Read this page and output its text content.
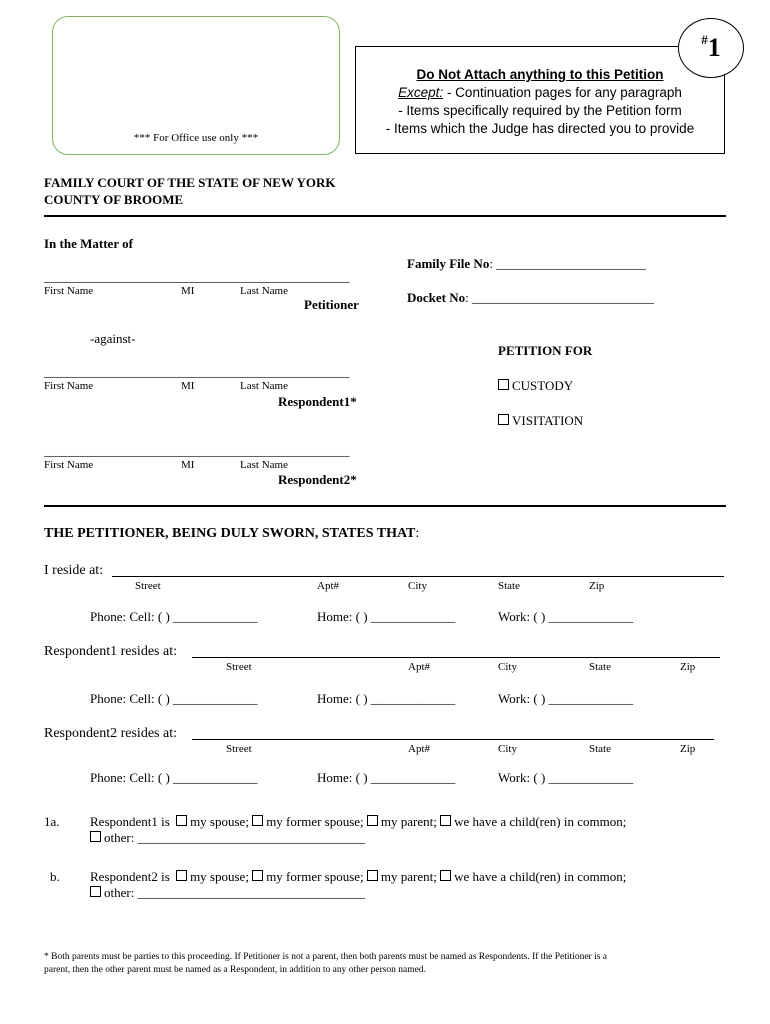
*** For Office use only ***
Do Not Attach anything to this Petition
Except: - Continuation pages for any paragraph
- Items specifically required by the Petition form
- Items which the Judge has directed you to provide
# 1
FAMILY COURT OF THE STATE OF NEW YORK
COUNTY OF BROOME
In the Matter of
_______________________________________________
First Name	MI	Last Name
Petitioner
-against-
_______________________________________________
First Name	MI	Last Name
Respondent1*
_______________________________________________
First Name	MI	Last Name
Respondent2*
Family File No: _______________________
Docket No: ____________________________
PETITION FOR
CUSTODY
VISITATION
THE PETITIONER, BEING DULY SWORN, STATES THAT:
I reside at:
Street	Apt#	City	State	Zip
Phone: Cell: ( ) _____________	Home: ( ) _____________	Work: ( ) _____________
Respondent1 resides at:
Street	Apt#	City	State	Zip
Phone: Cell: ( ) _____________	Home: ( ) _____________	Work: ( ) _____________
Respondent2 resides at:
Street	Apt#	City	State	Zip
Phone: Cell: ( ) _____________	Home: ( ) _____________	Work: ( ) _____________
1a. Respondent1 is my spouse; my former spouse; my parent; we have a child(ren) in common;
other: ___________________________________
b. Respondent2 is my spouse; my former spouse; my parent; we have a child(ren) in common;
other: ___________________________________
* Both parents must be parties to this proceeding. If Petitioner is not a parent, then both parents must be named as Respondents. If the Petitioner is a
parent, then the other parent must be named as a Respondent, in addition to any other person named.
